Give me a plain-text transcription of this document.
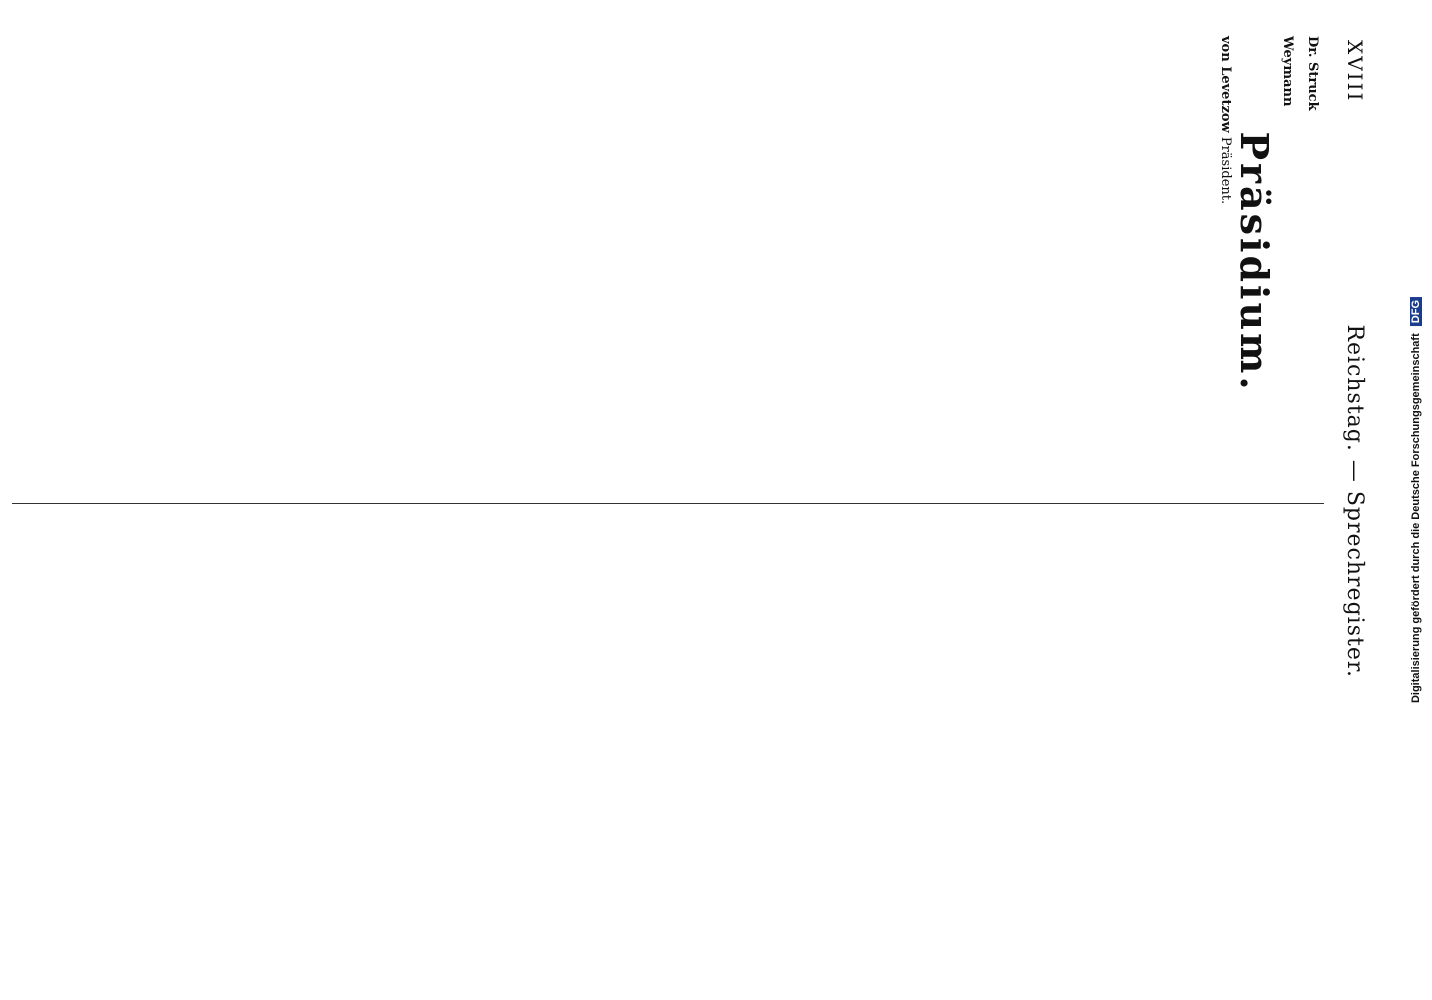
XVIII
Reichstag. — Sprechregister.
Dr. Struck
Weymann
Präsidium.
von Levetzow Präsident.
Digitalisierung gefördert durch die Deutsche Forschungsgemeinschaft DFG
